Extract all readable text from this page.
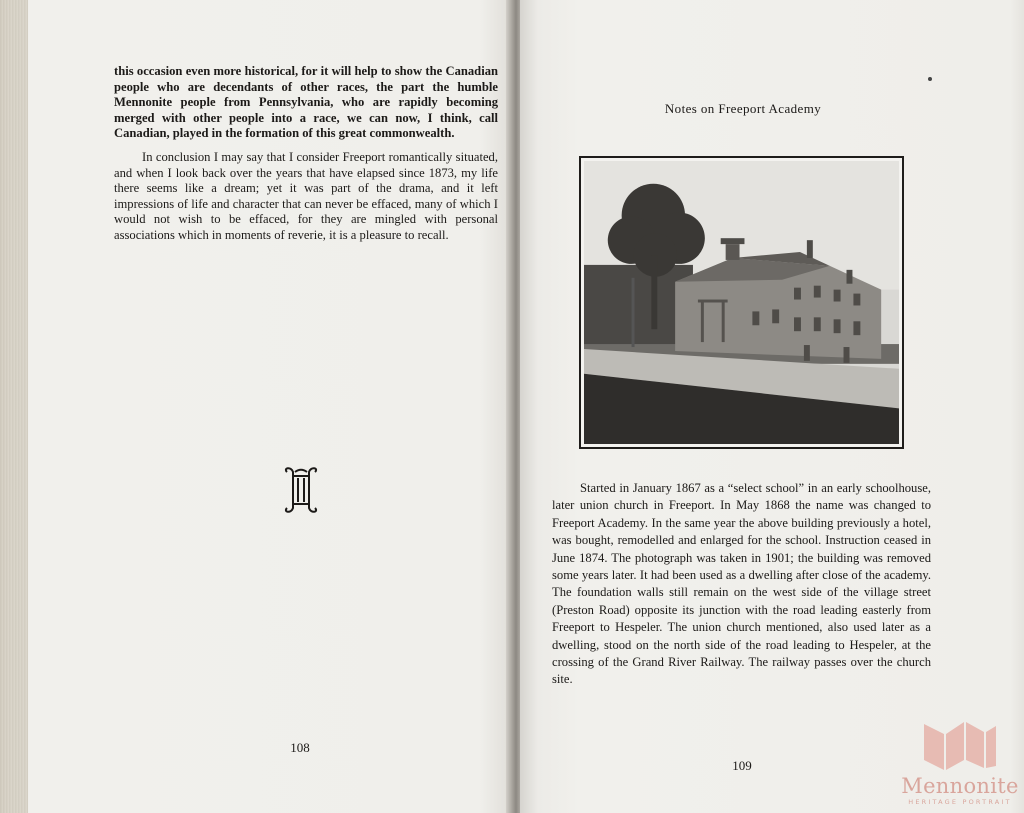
this occasion even more historical, for it will help to show the Canadian people who are decendants of other races, the part the humble Mennonite people from Pennsylvania, who are rapidly becoming merged with other people into a race, we can now, I think, call Canadian, played in the formation of this great commonwealth.

In conclusion I may say that I consider Freeport romantically situated, and when I look back over the years that have elapsed since 1873, my life there seems like a dream; yet it was part of the drama, and it left impressions of life and character that can never be effaced, many of which I would not wish to be effaced, for they are mingled with personal associations which in moments of reverie, it is a pleasure to recall.

108
Notes on Freeport Academy

Started in January 1867 as a “select school” in an early schoolhouse, later union church in Freeport. In May 1868 the name was changed to Freeport Academy. In the same year the above building previously a hotel, was bought, remodelled and enlarged for the school. Instruction ceased in June 1874. The photograph was taken in 1901; the building was removed some years later. It had been used as a dwelling after close of the academy. The foundation walls still remain on the west side of the village street (Preston Road) opposite its junction with the road leading easterly from Freeport to Hespeler. The union church mentioned, also used later as a dwelling, stood on the north side of the road leading to Hespeler, at the crossing of the Grand River Railway. The railway passes over the church site.

109
Mennonite
HERITAGE PORTRAIT
